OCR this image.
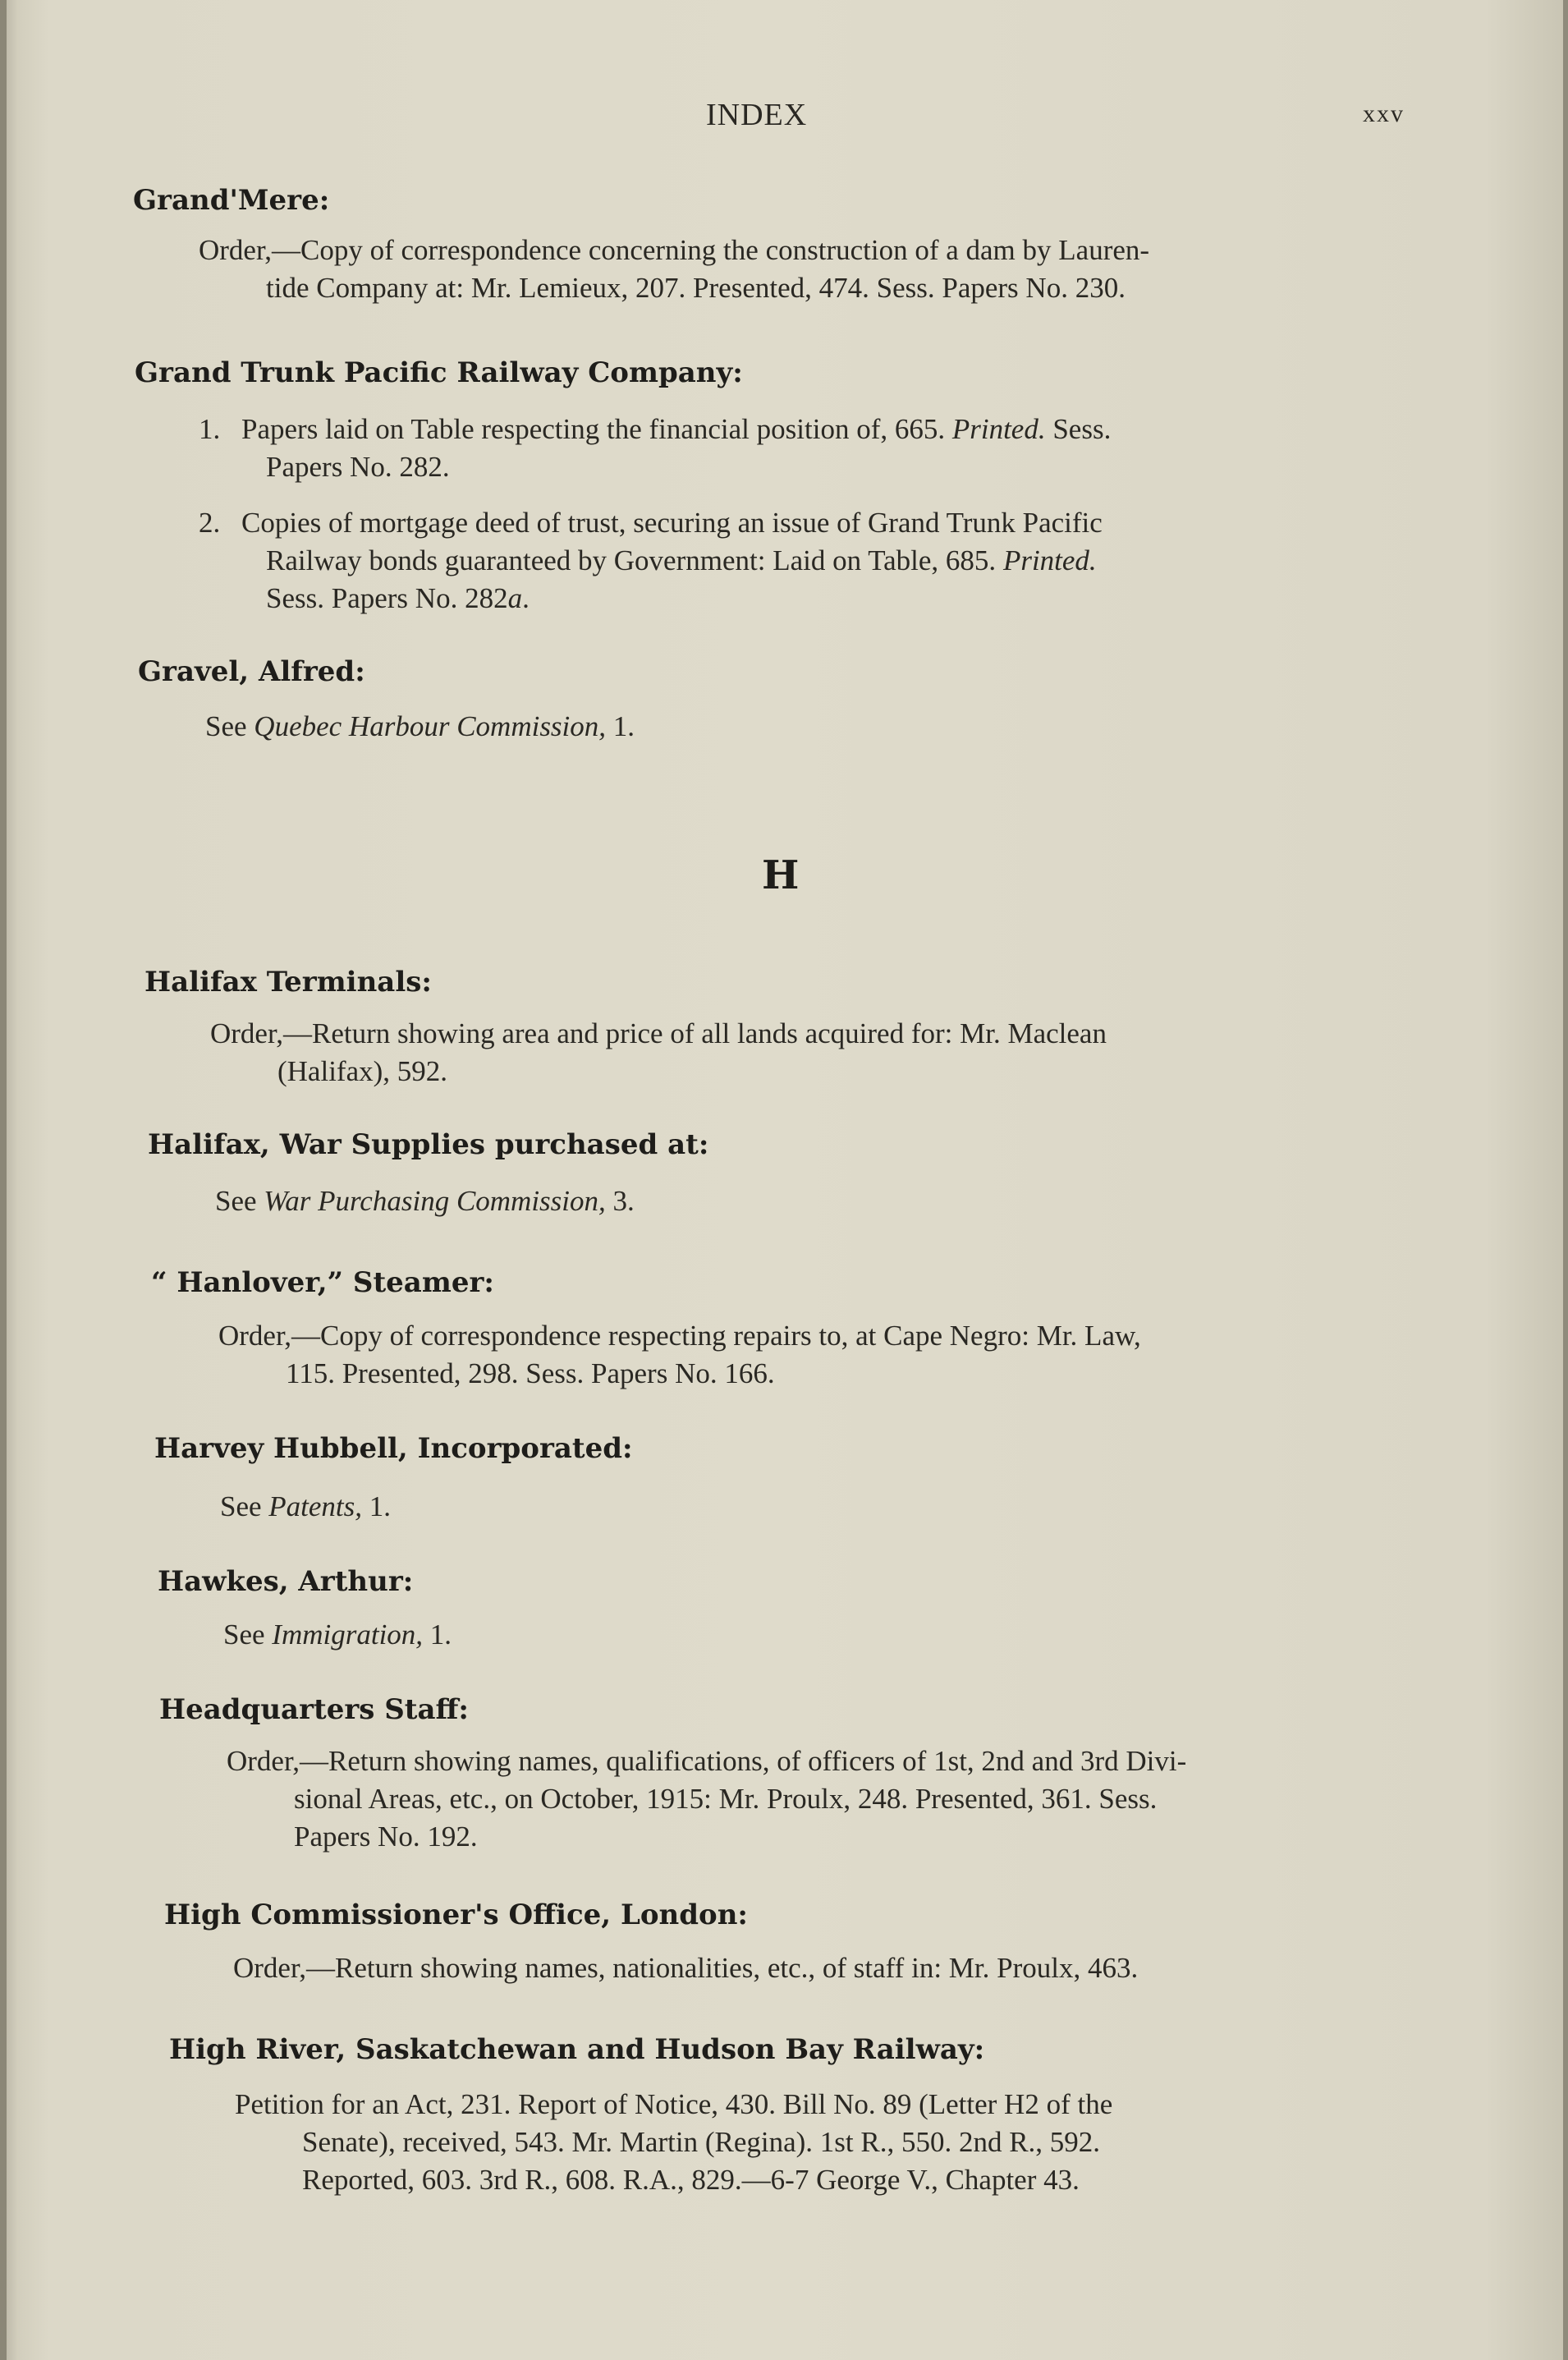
INDEX	xxv
Grand'Mere:
Order,—Copy of correspondence concerning the construction of a dam by Lauren-
tide Company at: Mr. Lemieux, 207. Presented, 474. Sess. Papers No. 230.
Grand Trunk Pacific Railway Company:
1. Papers laid on Table respecting the financial position of, 665. Printed. Sess.
Papers No. 282.
2. Copies of mortgage deed of trust, securing an issue of Grand Trunk Pacific
Railway bonds guaranteed by Government: Laid on Table, 685. Printed.
Sess. Papers No. 282a.
Gravel, Alfred:
See Quebec Harbour Commission, 1.
H
Halifax Terminals:
Order,—Return showing area and price of all lands acquired for: Mr. Maclean
(Halifax), 592.
Halifax, War Supplies purchased at:
See War Purchasing Commission, 3.
“ Hanlover,” Steamer:
Order,—Copy of correspondence respecting repairs to, at Cape Negro: Mr. Law,
115. Presented, 298. Sess. Papers No. 166.
Harvey Hubbell, Incorporated:
See Patents, 1.
Hawkes, Arthur:
See Immigration, 1.
Headquarters Staff:
Order,—Return showing names, qualifications, of officers of 1st, 2nd and 3rd Divi-
sional Areas, etc., on October, 1915: Mr. Proulx, 248. Presented, 361. Sess.
Papers No. 192.
High Commissioner's Office, London:
Order,—Return showing names, nationalities, etc., of staff in: Mr. Proulx, 463.
High River, Saskatchewan and Hudson Bay Railway:
Petition for an Act, 231. Report of Notice, 430. Bill No. 89 (Letter H2 of the
Senate), received, 543. Mr. Martin (Regina). 1st R., 550. 2nd R., 592.
Reported, 603. 3rd R., 608. R.A., 829.—6-7 George V., Chapter 43.
